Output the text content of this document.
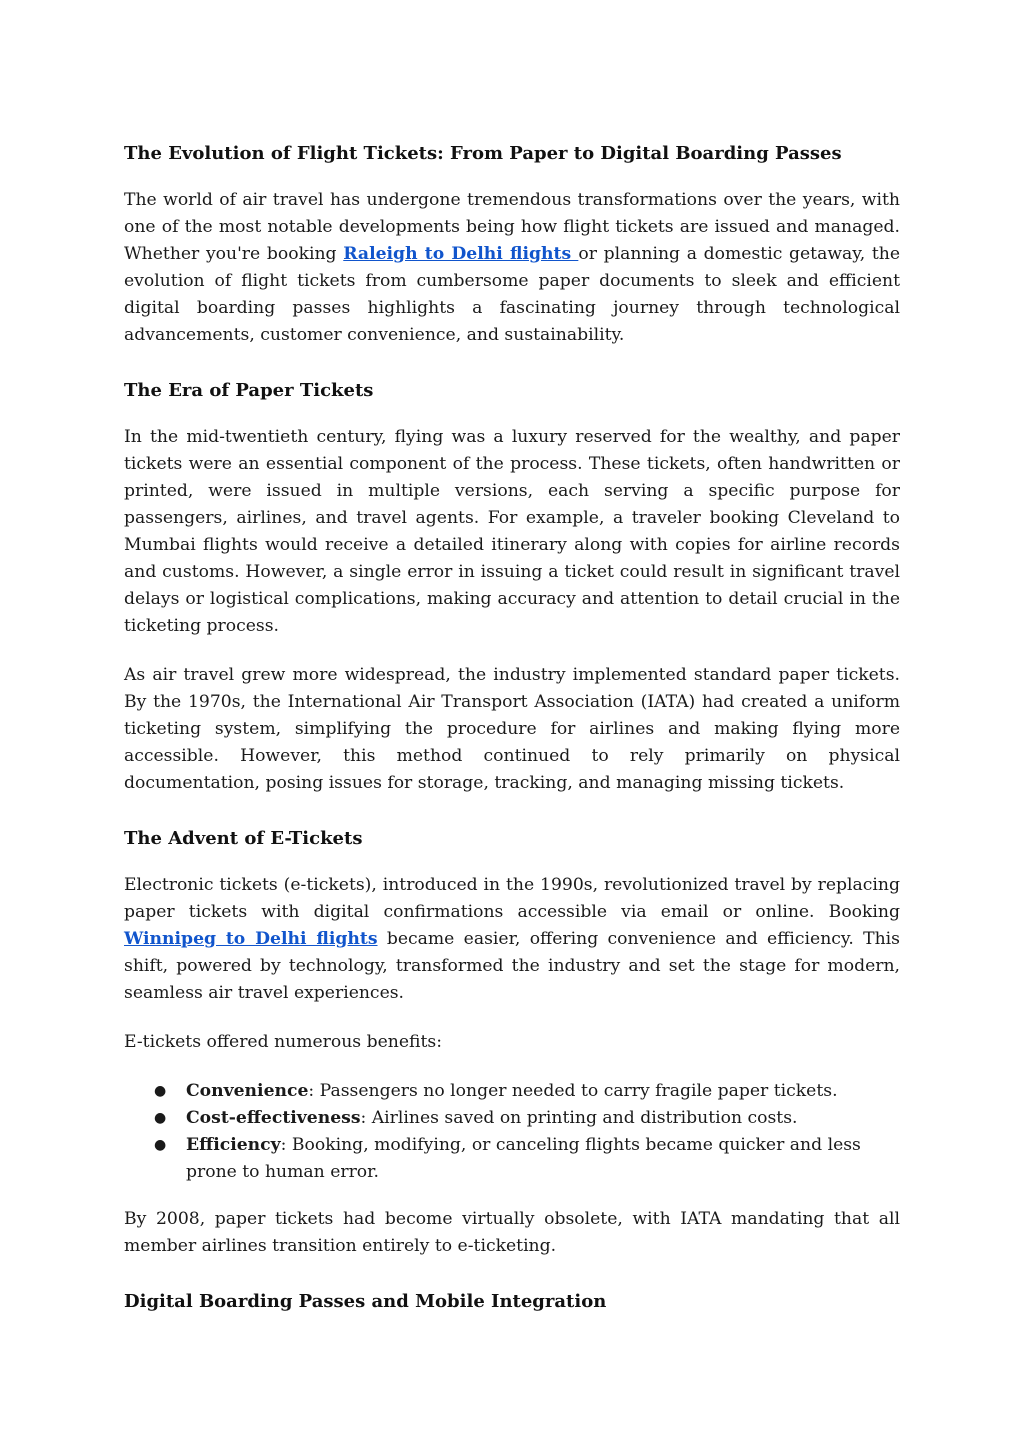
The Evolution of Flight Tickets: From Paper to Digital Boarding Passes

The world of air travel has undergone tremendous transformations over the years, with one of the most notable developments being how flight tickets are issued and managed. Whether you're booking Raleigh to Delhi flights or planning a domestic getaway, the evolution of flight tickets from cumbersome paper documents to sleek and efficient digital boarding passes highlights a fascinating journey through technological advancements, customer convenience, and sustainability.

The Era of Paper Tickets

In the mid-twentieth century, flying was a luxury reserved for the wealthy, and paper tickets were an essential component of the process. These tickets, often handwritten or printed, were issued in multiple versions, each serving a specific purpose for passengers, airlines, and travel agents. For example, a traveler booking Cleveland to Mumbai flights would receive a detailed itinerary along with copies for airline records and customs. However, a single error in issuing a ticket could result in significant travel delays or logistical complications, making accuracy and attention to detail crucial in the ticketing process.

As air travel grew more widespread, the industry implemented standard paper tickets. By the 1970s, the International Air Transport Association (IATA) had created a uniform ticketing system, simplifying the procedure for airlines and making flying more accessible. However, this method continued to rely primarily on physical documentation, posing issues for storage, tracking, and managing missing tickets.

The Advent of E-Tickets

Electronic tickets (e-tickets), introduced in the 1990s, revolutionized travel by replacing paper tickets with digital confirmations accessible via email or online. Booking Winnipeg to Delhi flights became easier, offering convenience and efficiency. This shift, powered by technology, transformed the industry and set the stage for modern, seamless air travel experiences.

E-tickets offered numerous benefits:

● Convenience: Passengers no longer needed to carry fragile paper tickets.
● Cost-effectiveness: Airlines saved on printing and distribution costs.
● Efficiency: Booking, modifying, or canceling flights became quicker and less prone to human error.

By 2008, paper tickets had become virtually obsolete, with IATA mandating that all member airlines transition entirely to e-ticketing.

Digital Boarding Passes and Mobile Integration
